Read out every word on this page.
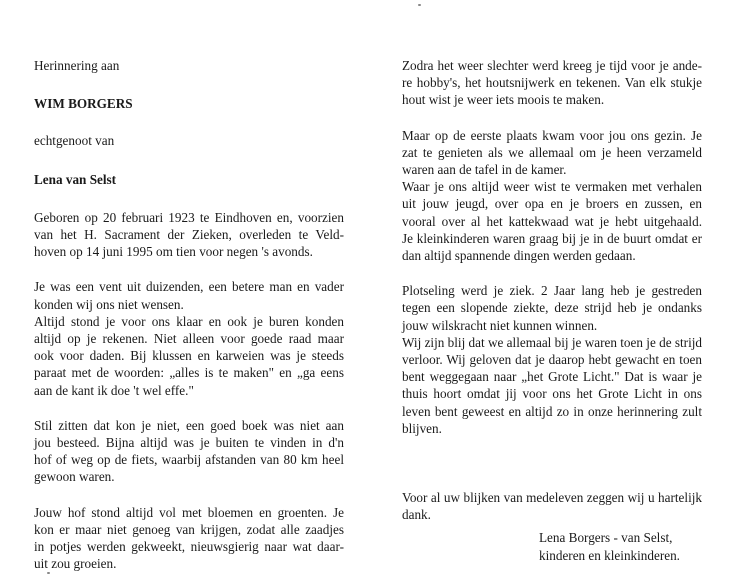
Herinnering aan
WIM BORGERS
echtgenoot van
Lena van Selst
Geboren op 20 februari 1923 te Eindhoven en, voorzien
van het H. Sacrament der Zieken, overleden te Veld-
hoven op 14 juni 1995 om tien voor negen 's avonds.
Je was een vent uit duizenden, een betere man en vader
konden wij ons niet wensen.
Altijd stond je voor ons klaar en ook je buren konden
altijd op je rekenen. Niet alleen voor goede raad maar
ook voor daden. Bij klussen en karweien was je steeds
paraat met de woorden: „alles is te maken" en „ga eens
aan de kant ik doe 't wel effe."
Stil zitten dat kon je niet, een goed boek was niet aan
jou besteed. Bijna altijd was je buiten te vinden in d'n
hof of weg op de fiets, waarbij afstanden van 80 km heel
gewoon waren.
Jouw hof stond altijd vol met bloemen en groenten. Je
kon er maar niet genoeg van krijgen, zodat alle zaadjes
in potjes werden gekweekt, nieuwsgierig naar wat daar-
uit zou groeien.
Zodra het weer slechter werd kreeg je tijd voor je ande-
re hobby's, het houtsnijwerk en tekenen. Van elk stukje
hout wist je weer iets moois te maken.
Maar op de eerste plaats kwam voor jou ons gezin. Je
zat te genieten als we allemaal om je heen verzameld
waren aan de tafel in de kamer.
Waar je ons altijd weer wist te vermaken met verhalen
uit jouw jeugd, over opa en je broers en zussen, en
vooral over al het kattekwaad wat je hebt uitgehaald.
Je kleinkinderen waren graag bij je in de buurt omdat er
dan altijd spannende dingen werden gedaan.
Plotseling werd je ziek. 2 Jaar lang heb je gestreden
tegen een slopende ziekte, deze strijd heb je ondanks
jouw wilskracht niet kunnen winnen.
Wij zijn blij dat we allemaal bij je waren toen je de strijd
verloor. Wij geloven dat je daarop hebt gewacht en toen
bent weggegaan naar „het Grote Licht." Dat is waar je
thuis hoort omdat jij voor ons het Grote Licht in ons
leven bent geweest en altijd zo in onze herinnering zult
blijven.
Voor al uw blijken van medeleven zeggen wij u hartelijk
dank.
Lena Borgers - van Selst,
kinderen en kleinkinderen.
